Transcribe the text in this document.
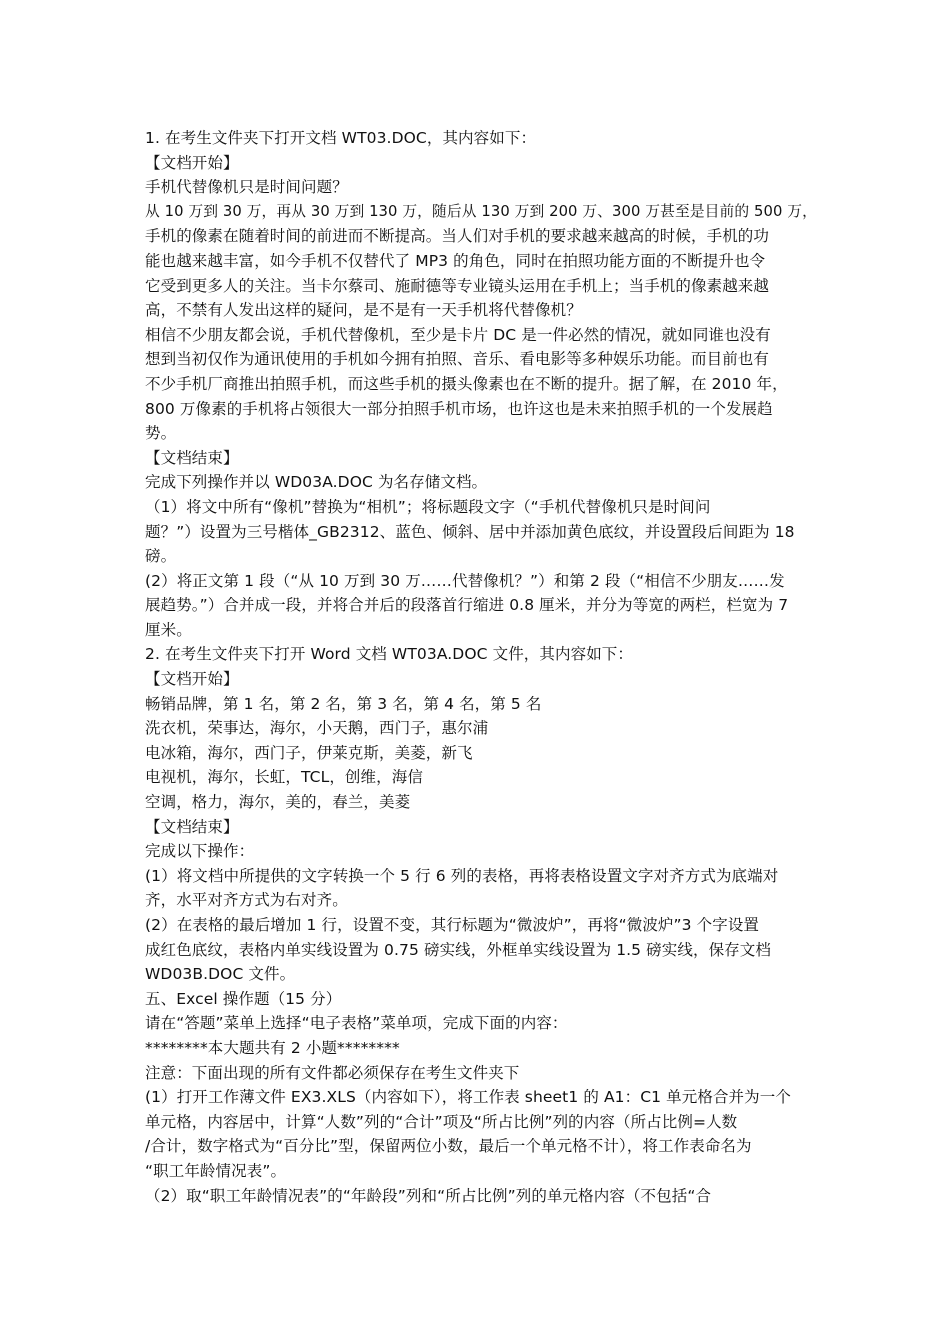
1. 在考生文件夹下打开文档 WT03.DOC，其内容如下：

【文档开始】

手机代替像机只是时间问题？

从 10 万到 30 万，再从 30 万到 130 万，随后从 130 万到 200 万、300 万甚至是目前的 500 万，

手机的像素在随着时间的前进而不断提高。当人们对手机的要求越来越高的时候，手机的功

能也越来越丰富，如今手机不仅替代了 MP3 的角色，同时在拍照功能方面的不断提升也令

它受到更多人的关注。当卡尔蔡司、施耐德等专业镜头运用在手机上；当手机的像素越来越

高，不禁有人发出这样的疑问，是不是有一天手机将代替像机？

相信不少朋友都会说，手机代替像机，至少是卡片 DC 是一件必然的情况，就如同谁也没有

想到当初仅作为通讯使用的手机如今拥有拍照、音乐、看电影等多种娱乐功能。而目前也有

不少手机厂商推出拍照手机，而这些手机的摄头像素也在不断的提升。据了解，在 2010 年，

800 万像素的手机将占领很大一部分拍照手机市场，也许这也是未来拍照手机的一个发展趋

势。

【文档结束】

完成下列操作并以 WD03A.DOC 为名存储文档。

（1）将文中所有“像机”替换为“相机”；将标题段文字（“手机代替像机只是时间问

题？”）设置为三号楷体_GB2312、蓝色、倾斜、居中并添加黄色底纹，并设置段后间距为 18

磅。

(2）将正文第 1 段（“从 10 万到 30 万……代替像机？”）和第 2 段（“相信不少朋友……发

展趋势。”）合并成一段，并将合并后的段落首行缩进 0.8 厘米，并分为等宽的两栏，栏宽为 7

厘米。

2. 在考生文件夹下打开 Word 文档 WT03A.DOC 文件，其内容如下：

【文档开始】

畅销品牌，第 1 名，第 2 名，第 3 名，第 4 名，第 5 名

洗衣机，荣事达，海尔，小天鹅，西门子，惠尔浦

电冰箱，海尔，西门子，伊莱克斯，美菱，新飞

电视机，海尔，长虹，TCL，创维，海信

空调，格力，海尔，美的，春兰，美菱

【文档结束】

完成以下操作：

(1）将文档中所提供的文字转换一个 5 行 6 列的表格，再将表格设置文字对齐方式为底端对

齐，水平对齐方式为右对齐。

(2）在表格的最后增加 1 行，设置不变，其行标题为“微波炉”，再将“微波炉”3 个字设置

成红色底纹，表格内单实线设置为 0.75 磅实线，外框单实线设置为 1.5 磅实线，保存文档

WD03B.DOC 文件。

五、Excel 操作题（15 分）

请在“答题”菜单上选择“电子表格”菜单项，完成下面的内容：

********本大题共有 2 小题********

注意：下面出现的所有文件都必须保存在考生文件夹下

(1）打开工作薄文件 EX3.XLS（内容如下），将工作表 sheet1 的 A1：C1 单元格合并为一个

单元格，内容居中，计算“人数”列的“合计”项及“所占比例”列的内容（所占比例=人数

/合计，数字格式为“百分比”型，保留两位小数，最后一个单元格不计），将工作表命名为

“职工年龄情况表”。

（2）取“职工年龄情况表”的“年龄段”列和“所占比例”列的单元格内容（不包括“合
